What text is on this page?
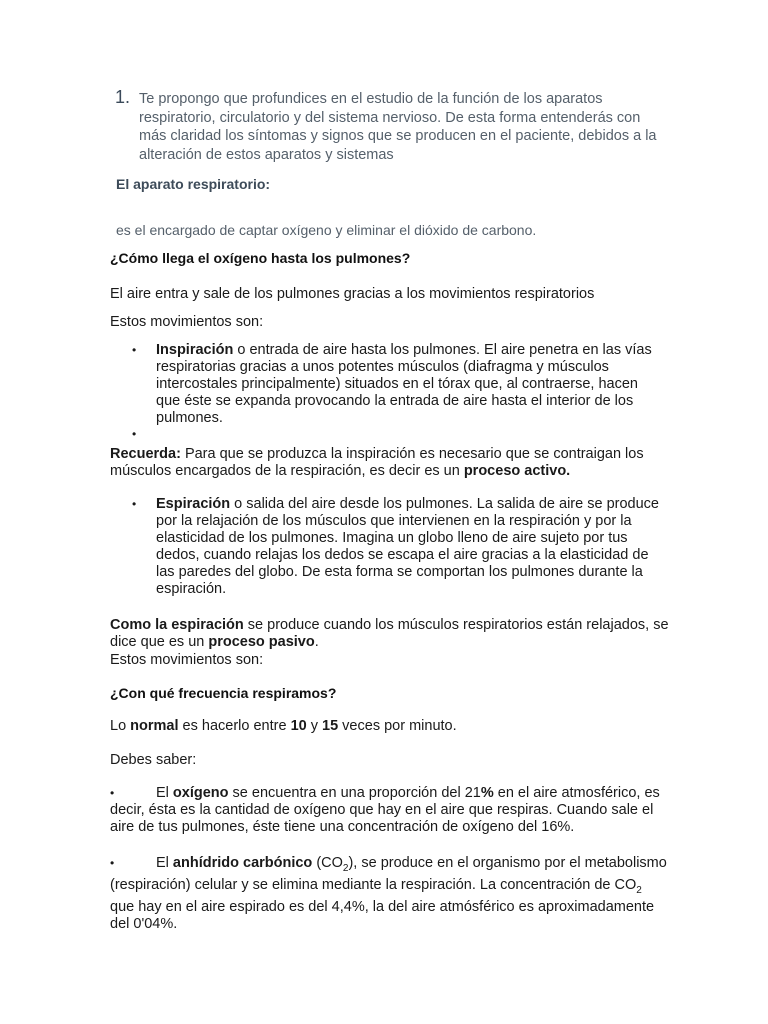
1. Te propongo que profundices en el estudio de la función de los aparatos respiratorio, circulatorio y del sistema nervioso. De esta forma entenderás con más claridad los síntomas y signos que se producen en el paciente, debidos a la alteración de estos aparatos y sistemas
El aparato respiratorio:
es el encargado de captar oxígeno y eliminar el dióxido de carbono.
¿Cómo llega el oxígeno hasta los pulmones?
El aire entra y sale de los pulmones gracias a los movimientos respiratorios
Estos movimientos son:
•
Inspiración o entrada de aire hasta los pulmones. El aire penetra en las vías respiratorias gracias a unos potentes músculos (diafragma y músculos intercostales principalmente) situados en el tórax que, al contraerse, hacen que éste se expanda provocando la entrada de aire hasta el interior de los pulmones.
•
Recuerda: Para que se produzca la inspiración es necesario que se contraigan los músculos encargados de la respiración, es decir es un proceso activo.
•
Espiración o salida del aire desde los pulmones. La salida de aire se produce por la relajación de los músculos que intervienen en la respiración y por la elasticidad de los pulmones. Imagina un globo lleno de aire sujeto por tus dedos, cuando relajas los dedos se escapa el aire gracias a la elasticidad de las paredes del globo. De esta forma se comportan los pulmones durante la espiración.
Como la espiración se produce cuando los músculos respiratorios están relajados, se dice que es un proceso pasivo.
Estos movimientos son:
¿Con qué frecuencia respiramos?
Lo normal es hacerlo entre 10 y 15 veces por minuto.
Debes saber:
•
El oxígeno se encuentra en una proporción del 21% en el aire atmosférico, es decir, ésta es la cantidad de oxígeno que hay en el aire que respiras. Cuando sale el aire de tus pulmones, éste tiene una concentración de oxígeno del 16%.
•
El anhídrido carbónico $(CO_2)$, se produce en el organismo por el metabolismo (respiración) celular y se elimina mediante la respiración. La concentración de $CO_2$ que hay en el aire espirado es del 4,4%, la del aire atmósférico es aproximadamente del 0'04%.
